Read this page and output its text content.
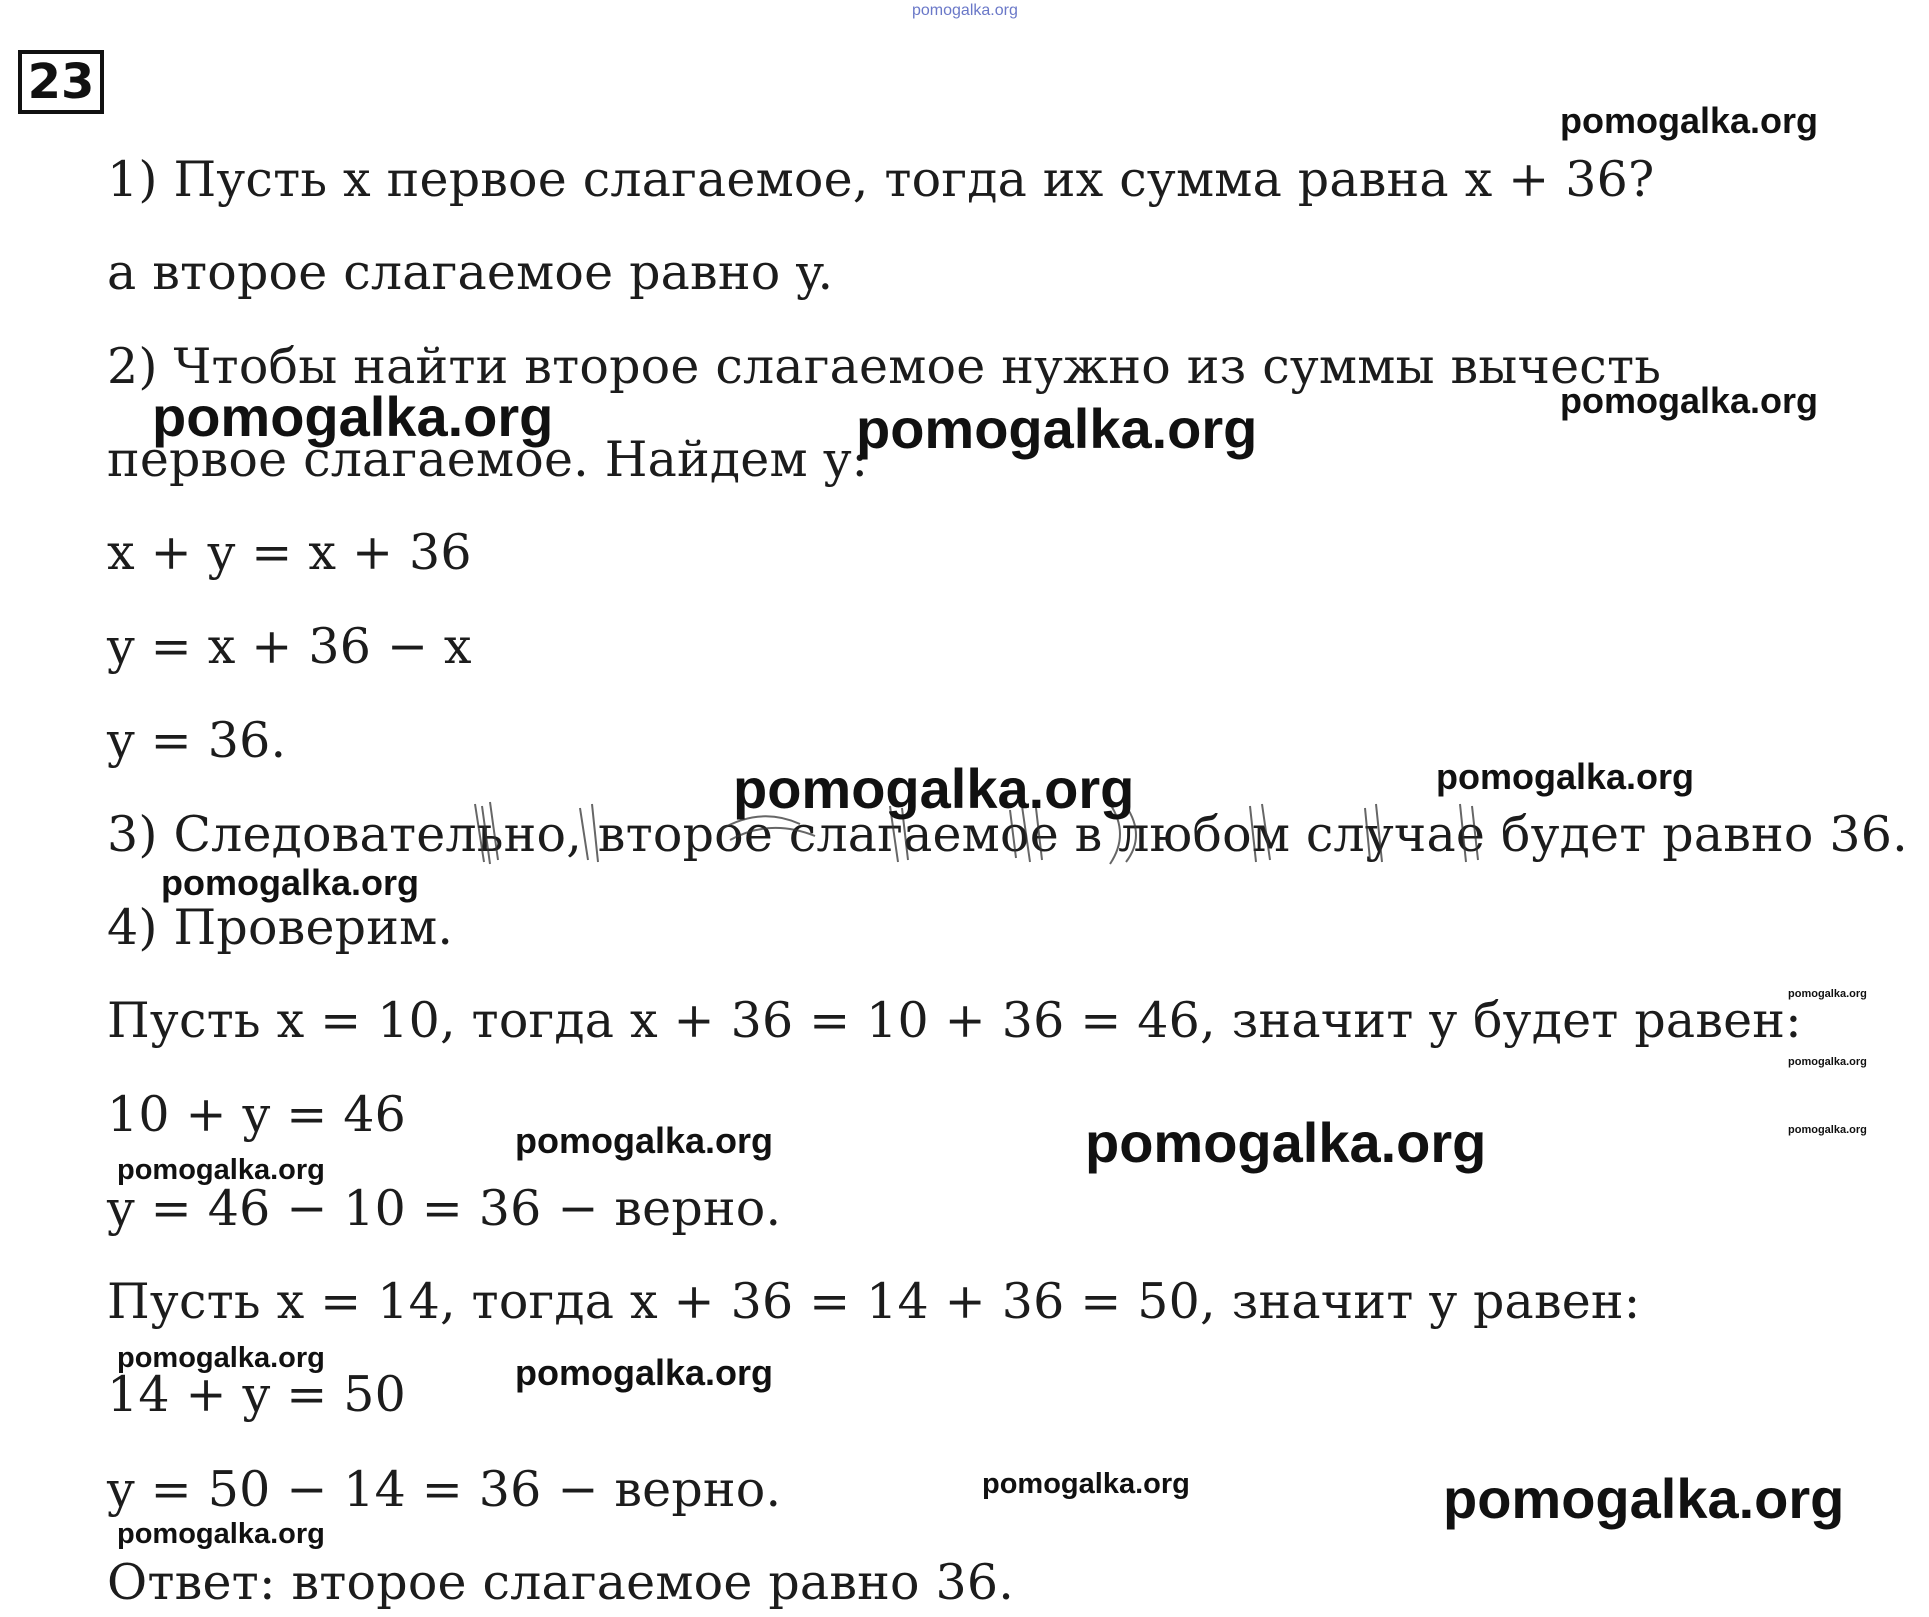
pomogalka.org
23
1) Пусть x первое слагаемое, тогда их сумма равна x + 36?
а второе слагаемое равно y.
2) Чтобы найти второе слагаемое нужно из суммы вычесть
первое слагаемое. Найдем y:
x + y = x + 36
y = x + 36 − x
y = 36.
3) Следовательно, второе слагаемое в любом случае будет равно 36.
4) Проверим.
Пусть x = 10, тогда x + 36 = 10 + 36 = 46, значит y будет равен:
10 + y = 46
y = 46 − 10 = 36 − верно.
Пусть x = 14, тогда x + 36 = 14 + 36 = 50, значит y равен:
14 + y = 50
y = 50 − 14 = 36 − верно.
Ответ: второе слагаемое равно 36.
pomogalka.org
pomogalka.org	pomogalka.org	pomogalka.org
pomogalka.org	pomogalka.org
pomogalka.org
pomogalka.org
pomogalka.org
pomogalka.org
pomogalka.org	pomogalka.org
pomogalka.org
pomogalka.org	pomogalka.org
pomogalka.org	pomogalka.org
pomogalka.org
